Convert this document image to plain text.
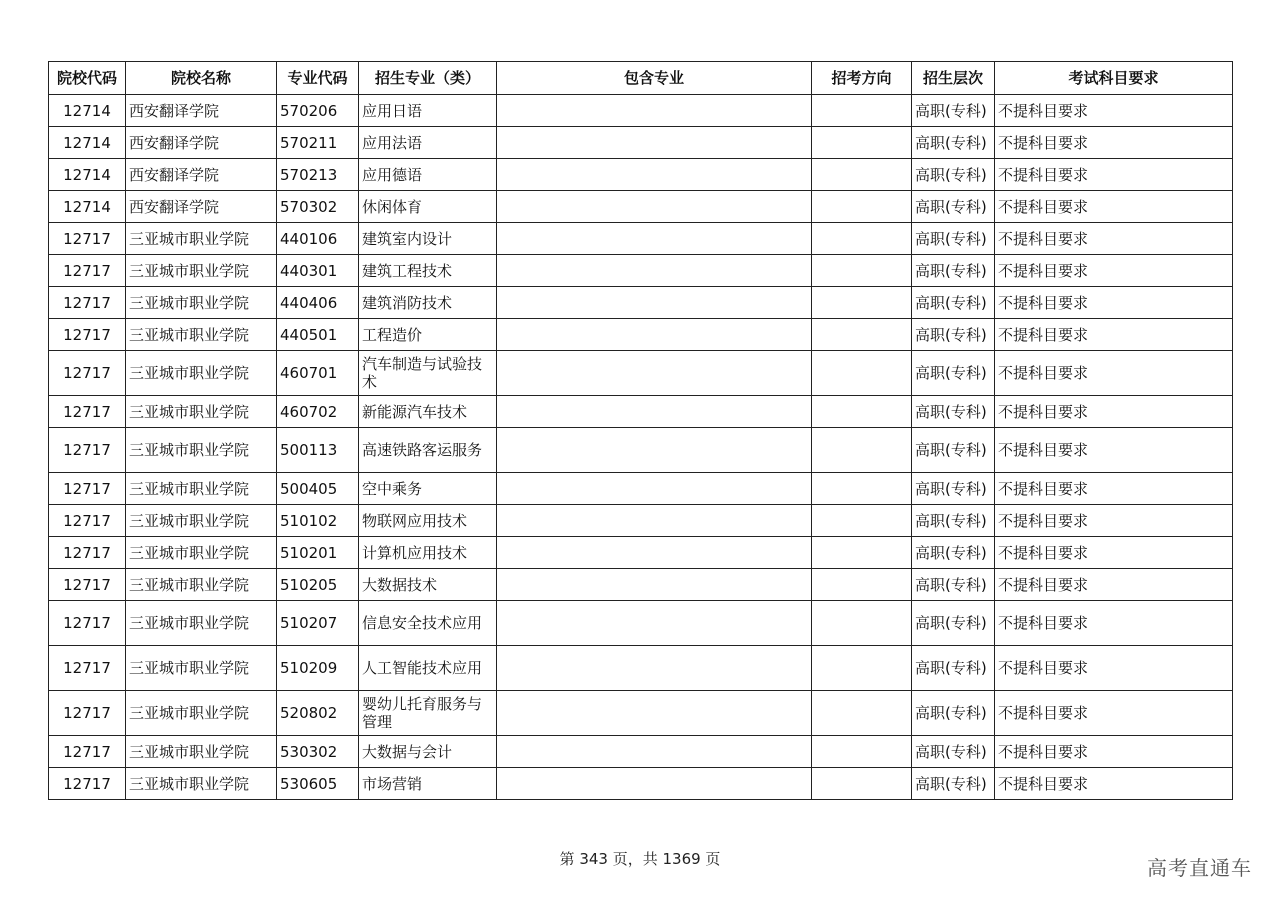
院校代码	院校名称	专业代码	招生专业（类）	包含专业	招考方向	招生层次	考试科目要求
12714	西安翻译学院	570206	应用日语			高职(专科)	不提科目要求
12714	西安翻译学院	570211	应用法语			高职(专科)	不提科目要求
12714	西安翻译学院	570213	应用德语			高职(专科)	不提科目要求
12714	西安翻译学院	570302	休闲体育			高职(专科)	不提科目要求
12717	三亚城市职业学院	440106	建筑室内设计			高职(专科)	不提科目要求
12717	三亚城市职业学院	440301	建筑工程技术			高职(专科)	不提科目要求
12717	三亚城市职业学院	440406	建筑消防技术			高职(专科)	不提科目要求
12717	三亚城市职业学院	440501	工程造价			高职(专科)	不提科目要求
12717	三亚城市职业学院	460701	汽车制造与试验技术			高职(专科)	不提科目要求
12717	三亚城市职业学院	460702	新能源汽车技术			高职(专科)	不提科目要求
12717	三亚城市职业学院	500113	高速铁路客运服务			高职(专科)	不提科目要求
12717	三亚城市职业学院	500405	空中乘务			高职(专科)	不提科目要求
12717	三亚城市职业学院	510102	物联网应用技术			高职(专科)	不提科目要求
12717	三亚城市职业学院	510201	计算机应用技术			高职(专科)	不提科目要求
12717	三亚城市职业学院	510205	大数据技术			高职(专科)	不提科目要求
12717	三亚城市职业学院	510207	信息安全技术应用			高职(专科)	不提科目要求
12717	三亚城市职业学院	510209	人工智能技术应用			高职(专科)	不提科目要求
12717	三亚城市职业学院	520802	婴幼儿托育服务与管理			高职(专科)	不提科目要求
12717	三亚城市职业学院	530302	大数据与会计			高职(专科)	不提科目要求
12717	三亚城市职业学院	530605	市场营销			高职(专科)	不提科目要求
第 343 页，共 1369 页	高考直通车
